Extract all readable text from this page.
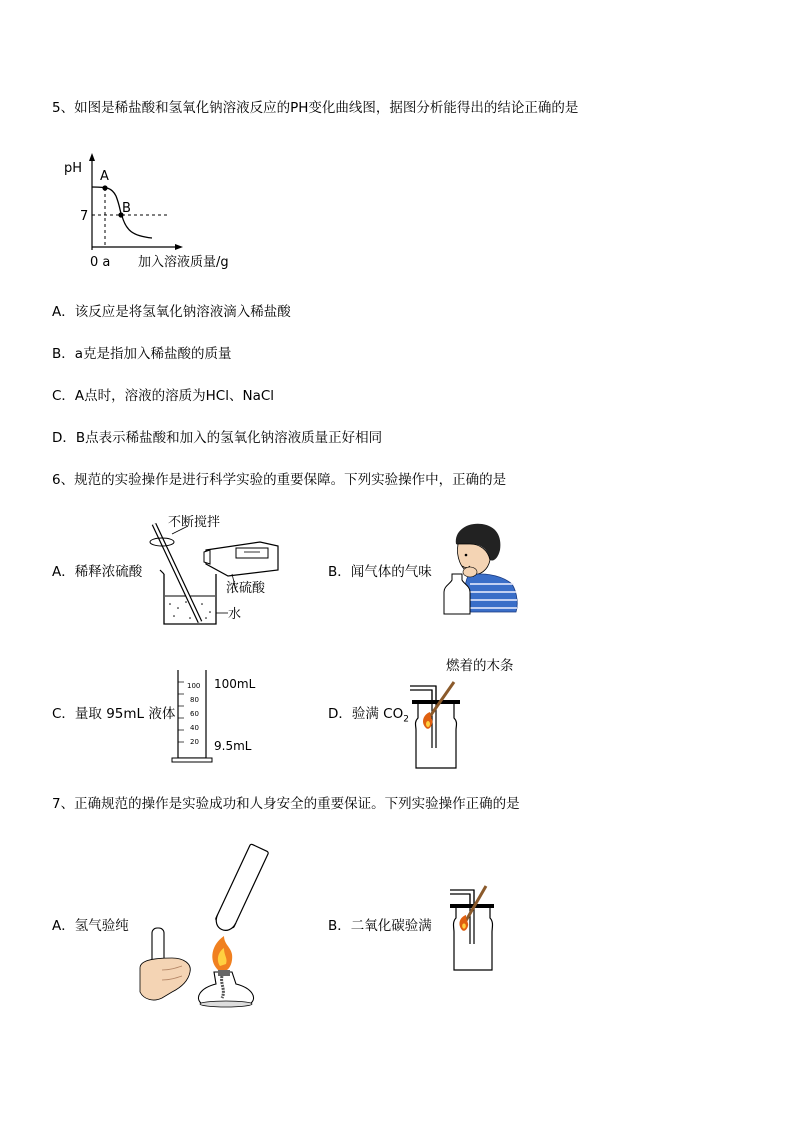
5、如图是稀盐酸和氢氧化钠溶液反应的PH变化曲线图，据图分析能得出的结论正确的是
pH
A
B
7
0 a 加入溶液质量/g
A．该反应是将氢氧化钠溶液滴入稀盐酸
B．a克是指加入稀盐酸的质量
C．A点时，溶液的溶质为HCl、NaCl
D．B点表示稀盐酸和加入的氢氧化钠溶液质量正好相同
6、规范的实验操作是进行科学实验的重要保障。下列实验操作中，正确的是
A．稀释浓硫酸
不断搅拌
浓硫酸
水
B．闻气体的气味
C．量取 95mL 液体
100
80
60
40
20
100mL
9.5mL
D．验满 $CO_2$
燃着的木条
7、正确规范的操作是实验成功和人身安全的重要保证。下列实验操作正确的是
A．氢气验纯	B．二氧化碳验满
